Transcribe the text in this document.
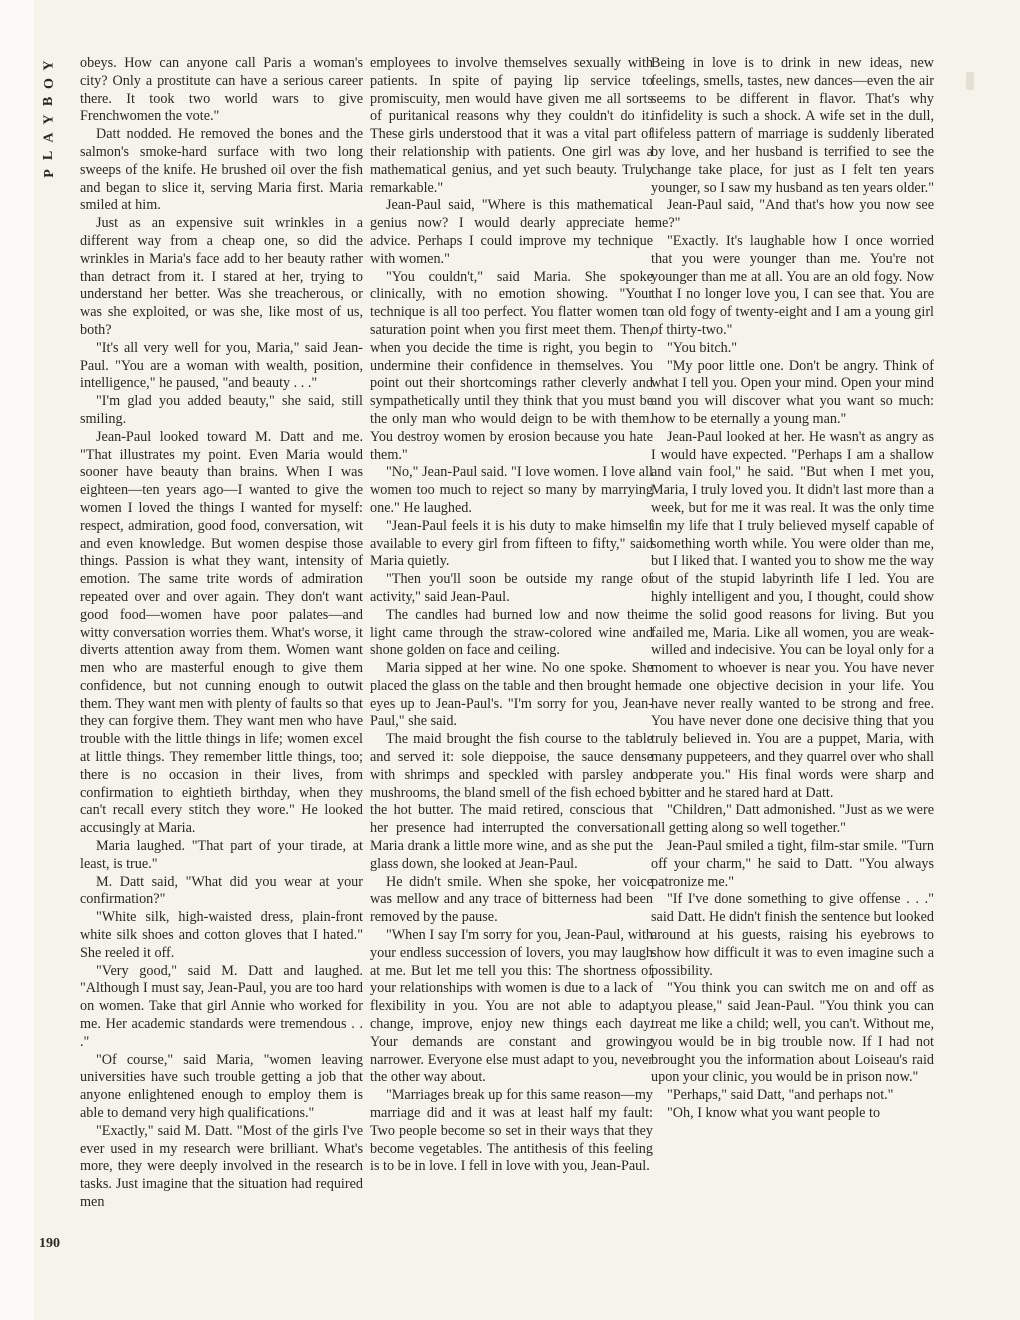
Y
O
B
Y
A
L
P

obeys. How can anyone call Paris a woman's city? Only a prostitute can have a serious career there. It took two world wars to give Frenchwomen the vote."

Datt nodded. He removed the bones and the salmon's smoke-hard surface with two long sweeps of the knife. He brushed oil over the fish and began to slice it, serving Maria first. Maria smiled at him.

Just as an expensive suit wrinkles in a different way from a cheap one, so did the wrinkles in Maria's face add to her beauty rather than detract from it. I stared at her, trying to understand her better. Was she treacherous, or was she exploited, or was she, like most of us, both?

"It's all very well for you, Maria," said Jean-Paul. "You are a woman with wealth, position, intelligence," he paused, "and beauty . . ."

"I'm glad you added beauty," she said, still smiling.

Jean-Paul looked toward M. Datt and me. "That illustrates my point. Even Maria would sooner have beauty than brains. When I was eighteen—ten years ago—I wanted to give the women I loved the things I wanted for myself: respect, admiration, good food, conversation, wit and even knowledge. But women despise those things. Passion is what they want, intensity of emotion. The same trite words of admiration repeated over and over again. They don't want good food—women have poor palates—and witty conversation worries them. What's worse, it diverts attention away from them. Women want men who are masterful enough to give them confidence, but not cunning enough to outwit them. They want men with plenty of faults so that they can forgive them. They want men who have trouble with the little things in life; women excel at little things. They remember little things, too; there is no occasion in their lives, from confirmation to eightieth birthday, when they can't recall every stitch they wore." He looked accusingly at Maria.

Maria laughed. "That part of your tirade, at least, is true."

M. Datt said, "What did you wear at your confirmation?"

"White silk, high-waisted dress, plain-front white silk shoes and cotton gloves that I hated." She reeled it off.

"Very good," said M. Datt and laughed. "Although I must say, Jean-Paul, you are too hard on women. Take that girl Annie who worked for me. Her academic standards were tremendous . . ."

"Of course," said Maria, "women leaving universities have such trouble getting a job that anyone enlightened enough to employ them is able to demand very high qualifications."

"Exactly," said M. Datt. "Most of the girls I've ever used in my research were brilliant. What's more, they were deeply involved in the research tasks. Just imagine that the situation had required men

employees to involve themselves sexually with patients. In spite of paying lip service to promiscuity, men would have given me all sorts of puritanical reasons why they couldn't do it. These girls understood that it was a vital part of their relationship with patients. One girl was a mathematical genius, and yet such beauty. Truly remarkable."

Jean-Paul said, "Where is this mathematical genius now? I would dearly appreciate her advice. Perhaps I could improve my technique with women."

"You couldn't," said Maria. She spoke clinically, with no emotion showing. "Your technique is all too perfect. You flatter women to saturation point when you first meet them. Then, when you decide the time is right, you begin to undermine their confidence in themselves. You point out their shortcomings rather cleverly and sympathetically until they think that you must be the only man who would deign to be with them. You destroy women by erosion because you hate them."

"No," Jean-Paul said. "I love women. I love all women too much to reject so many by marrying one." He laughed.

"Jean-Paul feels it is his duty to make himself available to every girl from fifteen to fifty," said Maria quietly.

"Then you'll soon be outside my range of activity," said Jean-Paul.

The candles had burned low and now their light came through the straw-colored wine and shone golden on face and ceiling.

Maria sipped at her wine. No one spoke. She placed the glass on the table and then brought her eyes up to Jean-Paul's. "I'm sorry for you, Jean-Paul," she said.

The maid brought the fish course to the table and served it: sole dieppoise, the sauce dense with shrimps and speckled with parsley and mushrooms, the bland smell of the fish echoed by the hot butter. The maid retired, conscious that her presence had interrupted the conversation. Maria drank a little more wine, and as she put the glass down, she looked at Jean-Paul.

He didn't smile. When she spoke, her voice was mellow and any trace of bitterness had been removed by the pause.

"When I say I'm sorry for you, Jean-Paul, with your endless succession of lovers, you may laugh at me. But let me tell you this: The shortness of your relationships with women is due to a lack of flexibility in you. You are not able to adapt, change, improve, enjoy new things each day. Your demands are constant and growing narrower. Everyone else must adapt to you, never the other way about.

"Marriages break up for this same reason—my marriage did and it was at least half my fault: Two people become so set in their ways that they become vegetables. The antithesis of this feeling is to be in love. I fell in love with you, Jean-Paul.

Being in love is to drink in new ideas, new feelings, smells, tastes, new dances—even the air seems to be different in flavor. That's why infidelity is such a shock. A wife set in the dull, lifeless pattern of marriage is suddenly liberated by love, and her husband is terrified to see the change take place, for just as I felt ten years younger, so I saw my husband as ten years older."

Jean-Paul said, "And that's how you now see me?"

"Exactly. It's laughable how I once worried that you were younger than me. You're not younger than me at all. You are an old fogy. Now that I no longer love you, I can see that. You are an old fogy of twenty-eight and I am a young girl of thirty-two."

"You bitch."

"My poor little one. Don't be angry. Think of what I tell you. Open your mind. Open your mind and you will discover what you want so much: how to be eternally a young man."

Jean-Paul looked at her. He wasn't as angry as I would have expected. "Perhaps I am a shallow and vain fool," he said. "But when I met you, Maria, I truly loved you. It didn't last more than a week, but for me it was real. It was the only time in my life that I truly believed myself capable of something worth while. You were older than me, but I liked that. I wanted you to show me the way out of the stupid labyrinth life I led. You are highly intelligent and you, I thought, could show me the solid good reasons for living. But you failed me, Maria. Like all women, you are weak-willed and indecisive. You can be loyal only for a moment to whoever is near you. You have never made one objective decision in your life. You have never really wanted to be strong and free. You have never done one decisive thing that you truly believed in. You are a puppet, Maria, with many puppeteers, and they quarrel over who shall operate you." His final words were sharp and bitter and he stared hard at Datt.

"Children," Datt admonished. "Just as we were all getting along so well together."

Jean-Paul smiled a tight, film-star smile. "Turn off your charm," he said to Datt. "You always patronize me."

"If I've done something to give offense . . ." said Datt. He didn't finish the sentence but looked around at his guests, raising his eyebrows to show how difficult it was to even imagine such a possibility.

"You think you can switch me on and off as you please," said Jean-Paul. "You think you can treat me like a child; well, you can't. Without me, you would be in big trouble now. If I had not brought you the information about Loiseau's raid upon your clinic, you would be in prison now."

"Perhaps," said Datt, "and perhaps not."

"Oh, I know what you want people to

190
